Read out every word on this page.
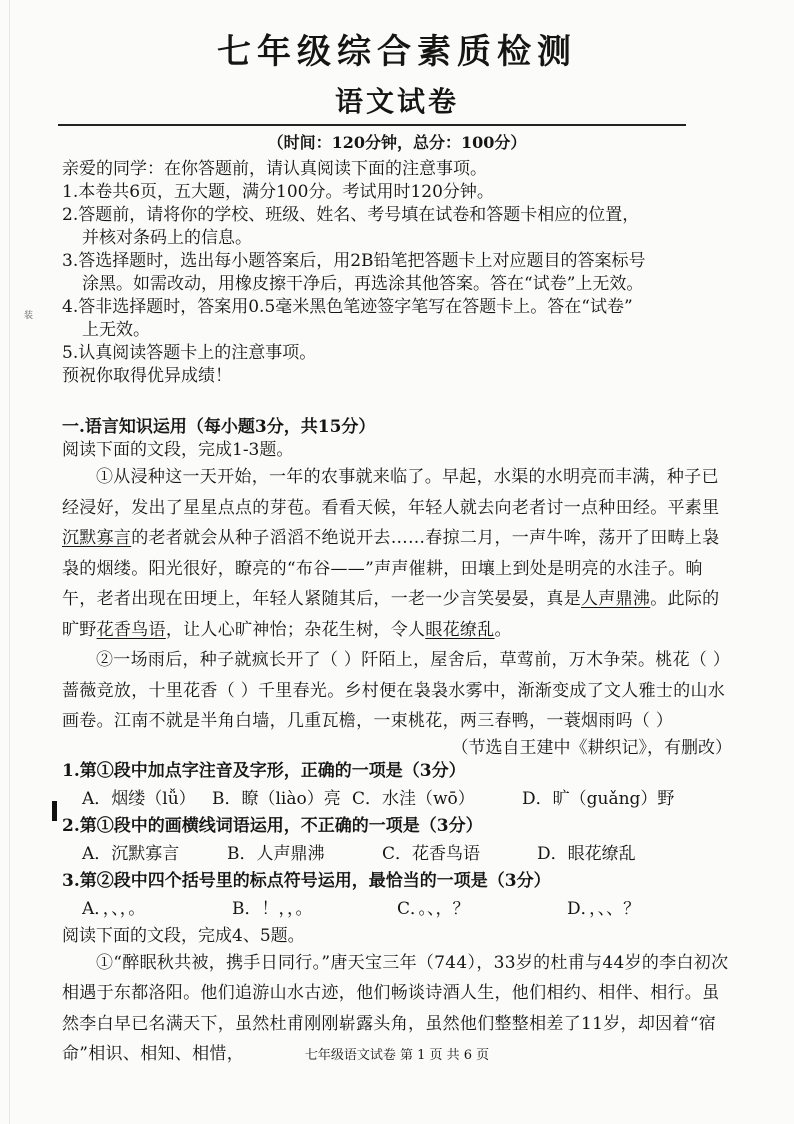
装
七年级综合素质检测
语文试卷
（时间：120分钟，总分：100分）

亲爱的同学：在你答题前，请认真阅读下面的注意事项。

1.本卷共6页，五大题，满分100分。考试用时120分钟。

2.答题前，请将你的学校、班级、姓名、考号填在试卷和答题卡相应的位置，

并核对条码上的信息。

3.答选择题时，选出每小题答案后，用2B铅笔把答题卡上对应题目的答案标号

涂黑。如需改动，用橡皮擦干净后，再选涂其他答案。答在“试卷”上无效。

4.答非选择题时，答案用0.5毫米黑色笔迹签字笔写在答题卡上。答在“试卷”

上无效。

5.认真阅读答题卡上的注意事项。

预祝你取得优异成绩！

一.语言知识运用（每小题3分，共15分）

阅读下面的文段，完成1-3题。

①从浸种这一天开始，一年的农事就来临了。早起，水渠的水明亮而丰满，种子已经浸好，发出了星星点点的芽苞。看看天候，年轻人就去向老者讨一点种田经。平素里沉默寡言的老者就会从种子滔滔不绝说开去……春掠二月，一声牛哞，荡开了田畴上袅袅的烟缕。阳光很好，瞭亮的“布谷——”声声催耕，田壤上到处是明亮的水洼子。晌午，老者出现在田埂上，年轻人紧随其后，一老一少言笑晏晏，真是人声鼎沸。此际的旷野花香鸟语，让人心旷神怡；杂花生树，令人眼花缭乱。

②一场雨后，种子就疯长开了（ ）阡陌上，屋舍后，草莺前，万木争荣。桃花（ ）蔷薇竞放，十里花香（ ）千里春光。乡村便在袅袅水雾中，渐渐变成了文人雅士的山水画卷。江南不就是半角白墙，几重瓦檐，一束桃花，两三春鸭，一蓑烟雨吗（ ）

（节选自王建中《耕织记》，有删改）

1.第①段中加点字注音及字形，正确的一项是（3分）

A．烟缕（lǚ） B．瞭（liào）亮 C．水洼（wō）	D．旷（guǎng）野

2.第①段中的画横线词语运用，不正确的一项是（3分）

A．沉默寡言	B．人声鼎沸	C．花香鸟语	D．眼花缭乱

3.第②段中四个括号里的标点符号运用，最恰当的一项是（3分）

A．，、，。	B．！，，。	C．。、，？	D．，、、？

阅读下面的文段，完成4、5题。

①“醉眠秋共被，携手日同行。”唐天宝三年（744），33岁的杜甫与44岁的李白初次相遇于东都洛阳。他们追游山水古迹，他们畅谈诗酒人生，他们相约、相伴、相行。虽然李白早已名满天下，虽然杜甫刚刚崭露头角，虽然他们整整相差了11岁，却因着“宿命”相识、相知、相惜，	七年级语文试卷 第 1 页 共 6 页
